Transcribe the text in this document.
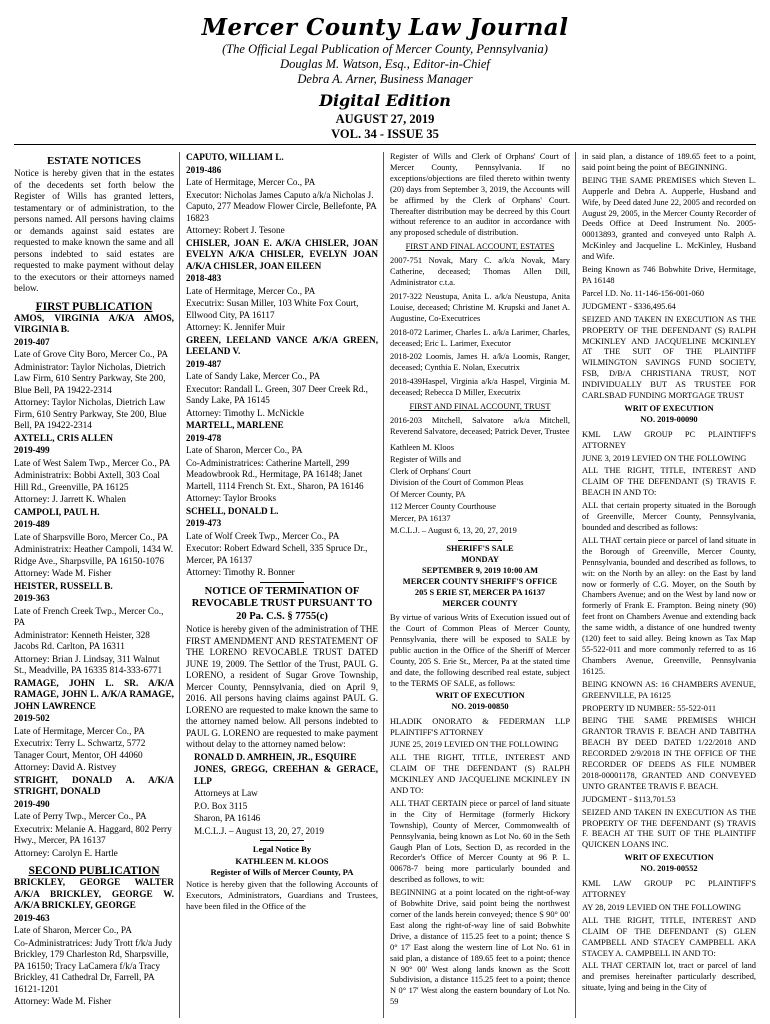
Mercer County Law Journal
(The Official Legal Publication of Mercer County, Pennsylvania)
Douglas M. Watson, Esq., Editor-in-Chief
Debra A. Arner, Business Manager
Digital Edition
AUGUST 27, 2019
VOL. 34 - ISSUE 35
ESTATE NOTICES
Notice is hereby given that in the estates of the decedents set forth below the Register of Wills has granted letters, testamentary or of administration, to the persons named. All persons having claims or demands against said estates are requested to make known the same and all persons indebted to said estates are requested to make payment without delay to the executors or their attorneys named below.
FIRST PUBLICATION
AMOS, VIRGINIA A/K/A AMOS, VIRGINIA B.
2019-407
Late of Grove City Boro, Mercer Co., PA
Administrator: Taylor Nicholas, Dietrich Law Firm, 610 Sentry Parkway, Ste 200, Blue Bell, PA 19422-2314
Attorney: Taylor Nicholas, Dietrich Law Firm, 610 Sentry Parkway, Ste 200, Blue Bell, PA 19422-2314
AXTELL, CRIS ALLEN
2019-499
Late of West Salem Twp., Mercer Co., PA
Administratrix: Bobbi Axtell, 303 Coal Hill Rd., Greenville, PA 16125
Attorney: J. Jarrett K. Whalen
CAMPOLI, PAUL H.
2019-489
Late of Sharpsville Boro, Mercer Co., PA
Administratrix: Heather Campoli, 1434 W. Ridge Ave., Sharpsville, PA 16150-1076
Attorney: Wade M. Fisher
HEISTER, RUSSELL B.
2019-363
Late of French Creek Twp., Mercer Co., PA
Administrator: Kenneth Heister, 328 Jacobs Rd. Carlton, PA 16311
Attorney: Brian J. Lindsay, 311 Walnut St., Meadville, PA 16335 814-333-6771
RAMAGE, JOHN L. SR. A/K/A RAMAGE, JOHN L. A/K/A RAMAGE, JOHN LAWRENCE
2019-502
Late of Hermitage, Mercer Co., PA
Executrix: Terry L. Schwartz, 5772 Tanager Court, Mentor, OH 44060
Attorney: David A. Ristvey
STRIGHT, DONALD A. A/K/A STRIGHT, DONALD
2019-490
Late of Perry Twp., Mercer Co., PA
Executrix: Melanie A. Haggard, 802 Perry Hwy., Mercer, PA 16137
Attorney: Carolyn E. Hartle
SECOND PUBLICATION
BRICKLEY, GEORGE WALTER A/K/A BRICKLEY, GEORGE W. A/K/A BRICKLEY, GEORGE
2019-463
Late of Sharon, Mercer Co., PA
Co-Administratrices: Judy Trott f/k/a Judy Brickley, 179 Charleston Rd, Sharpsville, PA 16150; Tracy LaCamera f/k/a Tracy Brickley, 41 Cathedral Dr, Farrell, PA 16121-1201
Attorney: Wade M. Fisher
CAPUTO, WILLIAM L.
2019-486
Late of Hermitage, Mercer Co., PA
Executor: Nicholas James Caputo a/k/a Nicholas J. Caputo, 277 Meadow Flower Circle, Bellefonte, PA 16823
Attorney: Robert J. Tesone
CHISLER, JOAN E. A/K/A CHISLER, JOAN EVELYN A/K/A CHISLER, EVELYN JOAN A/K/A CHISLER, JOAN EILEEN
2018-483
Late of Hermitage, Mercer Co., PA
Executrix: Susan Miller, 103 White Fox Court, Ellwood City, PA 16117
Attorney: K. Jennifer Muir
GREEN, LEELAND VANCE A/K/A GREEN, LEELAND V.
2019-487
Late of Sandy Lake, Mercer Co., PA
Executor: Randall L. Green, 307 Deer Creek Rd., Sandy Lake, PA 16145
Attorney: Timothy L. McNickle
MARTELL, MARLENE
2019-478
Late of Sharon, Mercer Co., PA
Co-Administratrices: Catherine Martell, 299 Meadowbrook Rd., Hermitage, PA 16148; Janet Martell, 1114 French St. Ext., Sharon, PA 16146
Attorney: Taylor Brooks
SCHELL, DONALD L.
2019-473
Late of Wolf Creek Twp., Mercer Co., PA
Executor: Robert Edward Schell, 335 Spruce Dr., Mercer, PA 16137
Attorney: Timothy R. Bonner
NOTICE OF TERMINATION OF REVOCABLE TRUST PURSUANT TO 20 Pa. C.S. § 7755(c)
Notice is hereby given of the administration of THE FIRST AMENDMENT AND RESTATEMENT OF THE LORENO REVOCABLE TRUST DATED JUNE 19, 2009. The Settlor of the Trust, PAUL G. LORENO, a resident of Sugar Grove Township, Mercer County, Pennsylvania, died on April 9, 2016. All persons having claims against PAUL G. LORENO are requested to make known the same to the attorney named below. All persons indebted to PAUL G. LORENO are requested to make payment without delay to the attorney named below:
RONALD D. AMRHEIN, JR., ESQUIRE
JONES, GREGG, CREEHAN & GERACE, LLP
Attorneys at Law
P.O. Box 3115
Sharon, PA 16146
M.C.L.J. – August 13, 20, 27, 2019
Legal Notice By
KATHLEEN M. KLOOS
Register of Wills of Mercer County, PA
Notice is hereby given that the following Accounts of Executors, Administrators, Guardians and Trustees, have been filed in the Office of the
Register of Wills and Clerk of Orphans' Court of Mercer County, Pennsylvania. If no exceptions/objections are filed thereto within twenty (20) days from September 3, 2019, the Accounts will be affirmed by the Clerk of Orphans' Court. Thereafter distribution may be decreed by this Court without reference to an auditor in accordance with any proposed schedule of distribution.
FIRST AND FINAL ACCOUNT, ESTATES
2007-751 Novak, Mary C. a/k/a Novak, Mary Catherine, deceased; Thomas Allen Dill, Administrator c.t.a.
2017-322 Neustupa, Anita L. a/k/a Neustupa, Anita Louise, deceased; Christine M. Krupski and Janet A. Augustine, Co-Executrices
2018-072 Larimer, Charles L. a/k/a Larimer, Charles, deceased; Eric L. Larimer, Executor
2018-202 Loomis, James H. a/k/a Loomis, Ranger, deceased; Cynthia E. Nolan, Executrix
2018-439Haspel, Virginia a/k/a Haspel, Virginia M. deceased; Rebecca D Miller, Executrix
FIRST AND FINAL ACCOUNT, TRUST
2016-203 Mitchell, Salvatore a/k/a Mitchell, Reverend Salvatore, deceased; Patrick Dever, Trustee
Kathleen M. Kloos
Register of Wills and
Clerk of Orphans' Court
Division of the Court of Common Pleas
Of Mercer County, PA
112 Mercer County Courthouse
Mercer, PA 16137
M.C.L.J. – August 6, 13, 20, 27, 2019
SHERIFF'S SALE
MONDAY
SEPTEMBER 9, 2019 10:00 AM
MERCER COUNTY SHERIFF'S OFFICE
205 S ERIE ST, MERCER PA 16137
MERCER COUNTY
By virtue of various Writs of Execution issued out of the Court of Common Pleas of Mercer County, Pennsylvania, there will be exposed to SALE by public auction in the Office of the Sheriff of Mercer County, 205 S. Erie St., Mercer, Pa at the stated time and date, the following described real estate, subject to the TERMS OF SALE, as follows:
WRIT OF EXECUTION
NO. 2019-00850
HLADIK ONORATO & FEDERMAN LLP PLAINTIFF'S ATTORNEY
JUNE 25, 2019 LEVIED ON THE FOLLOWING
ALL THE RIGHT, TITLE, INTEREST AND CLAIM OF THE DEFENDANT (S) RALPH MCKINLEY AND JACQUELINE MCKINLEY IN AND TO:
ALL THAT CERTAIN piece or parcel of land situate in the City of Hermitage (formerly Hickory Township), County of Mercer, Commonwealth of Pennsylvania, being known as Lot No. 60 in the Seth Gaugh Plan of Lots, Section D, as recorded in the Recorder's Office of Mercer County at 96 P. L. 00678-7 being more particularly bounded and described as follows, to wit:
BEGINNING at a point located on the right-of-way of Bobwhite Drive, said point being the northwest corner of the lands herein conveyed; thence S 90° 00' East along the right-of-way line of said Bobwhite Drive, a distance of 115.25 feet to a point; thence S 0° 17' East along the western line of Lot No. 61 in said plan, a distance of 189.65 feet to a point; thence N 90° 00' West along lands known as the Scott Subdivision, a distance 115.25 feet to a point; thence N 0° 17' West along the eastern boundary of Lot No. 59
in said plan, a distance of 189.65 feet to a point, said point being the point of BEGINNING.
BEING THE SAME PREMISES which Steven L. Aupperle and Debra A. Aupperle, Husband and Wife, by Deed dated June 22, 2005 and recorded on August 29, 2005, in the Mercer County Recorder of Deeds Office at Deed Instrument No. 2005-00013893, granted and conveyed unto Ralph A. McKinley and Jacqueline L. McKinley, Husband and Wife.
Being Known as 746 Bobwhite Drive, Hermitage, PA 16148
Parcel I.D. No. 11-146-156-001-060
JUDGMENT - $336,495.64
SEIZED AND TAKEN IN EXECUTION AS THE PROPERTY OF THE DEFENDANT (S) RALPH MCKINLEY AND JACQUELINE MCKINLEY AT THE SUIT OF THE PLAINTIFF WILMINGTON SAVINGS FUND SOCIETY, FSB, D/B/A CHRISTIANA TRUST, NOT INDIVIDUALLY BUT AS TRUSTEE FOR CARLSBAD FUNDING MORTGAGE TRUST
WRIT OF EXECUTION
NO. 2019-00090
KML LAW GROUP PC PLAINTIFF'S ATTORNEY
JUNE 3, 2019 LEVIED ON THE FOLLOWING
ALL THE RIGHT, TITLE, INTEREST AND CLAIM OF THE DEFENDANT (S) TRAVIS F. BEACH IN AND TO:
ALL that certain property situated in the Borough of Greenville, Mercer County, Pennsylvania, bounded and described as follows:
ALL THAT certain piece or parcel of land situate in the Borough of Greenville, Mercer County, Pennsylvania, bounded and described as follows, to wit: on the North by an alley: on the East by land now or formerly of C.G. Moyer, on the South by Chambers Avenue; and on the West by land now or formerly of Frank E. Frampton. Being ninety (90) feet front on Chambers Avenue and extending back the same width, a distance of one hundred twenty (120) feet to said alley. Being known as Tax Map 55-522-011 and more commonly referred to as 16 Chambers Avenue, Greenville, Pennsylvania 16125.
BEING KNOWN AS: 16 CHAMBERS AVENUE, GREENVILLE, PA 16125
PROPERTY ID NUMBER: 55-522-011
BEING THE SAME PREMISES WHICH GRANTOR TRAVIS F. BEACH AND TABITHA BEACH BY DEED DATED 1/22/2018 AND RECORDED 2/9/2018 IN THE OFFICE OF THE RECORDER OF DEEDS AS FILE NUMBER 2018-00001178, GRANTED AND CONVEYED UNTO GRANTEE TRAVIS F. BEACH.
JUDGMENT - $113,701.53
SEIZED AND TAKEN IN EXECUTION AS THE PROPERTY OF THE DEFENDANT (S) TRAVIS F. BEACH AT THE SUIT OF THE PLAINTIFF QUICKEN LOANS INC.
WRIT OF EXECUTION
NO. 2019-00552
KML LAW GROUP PC PLAINTIFF'S ATTORNEY
AY 28, 2019 LEVIED ON THE FOLLOWING
ALL THE RIGHT, TITLE, INTEREST AND CLAIM OF THE DEFENDANT (S) GLEN CAMPBELL AND STACEY CAMPBELL AKA STACEY A. CAMPBELL IN AND TO:
ALL THAT CERTAIN lot, tract or parcel of land and premises hereinafter particularly described, situate, lying and being in the City of
